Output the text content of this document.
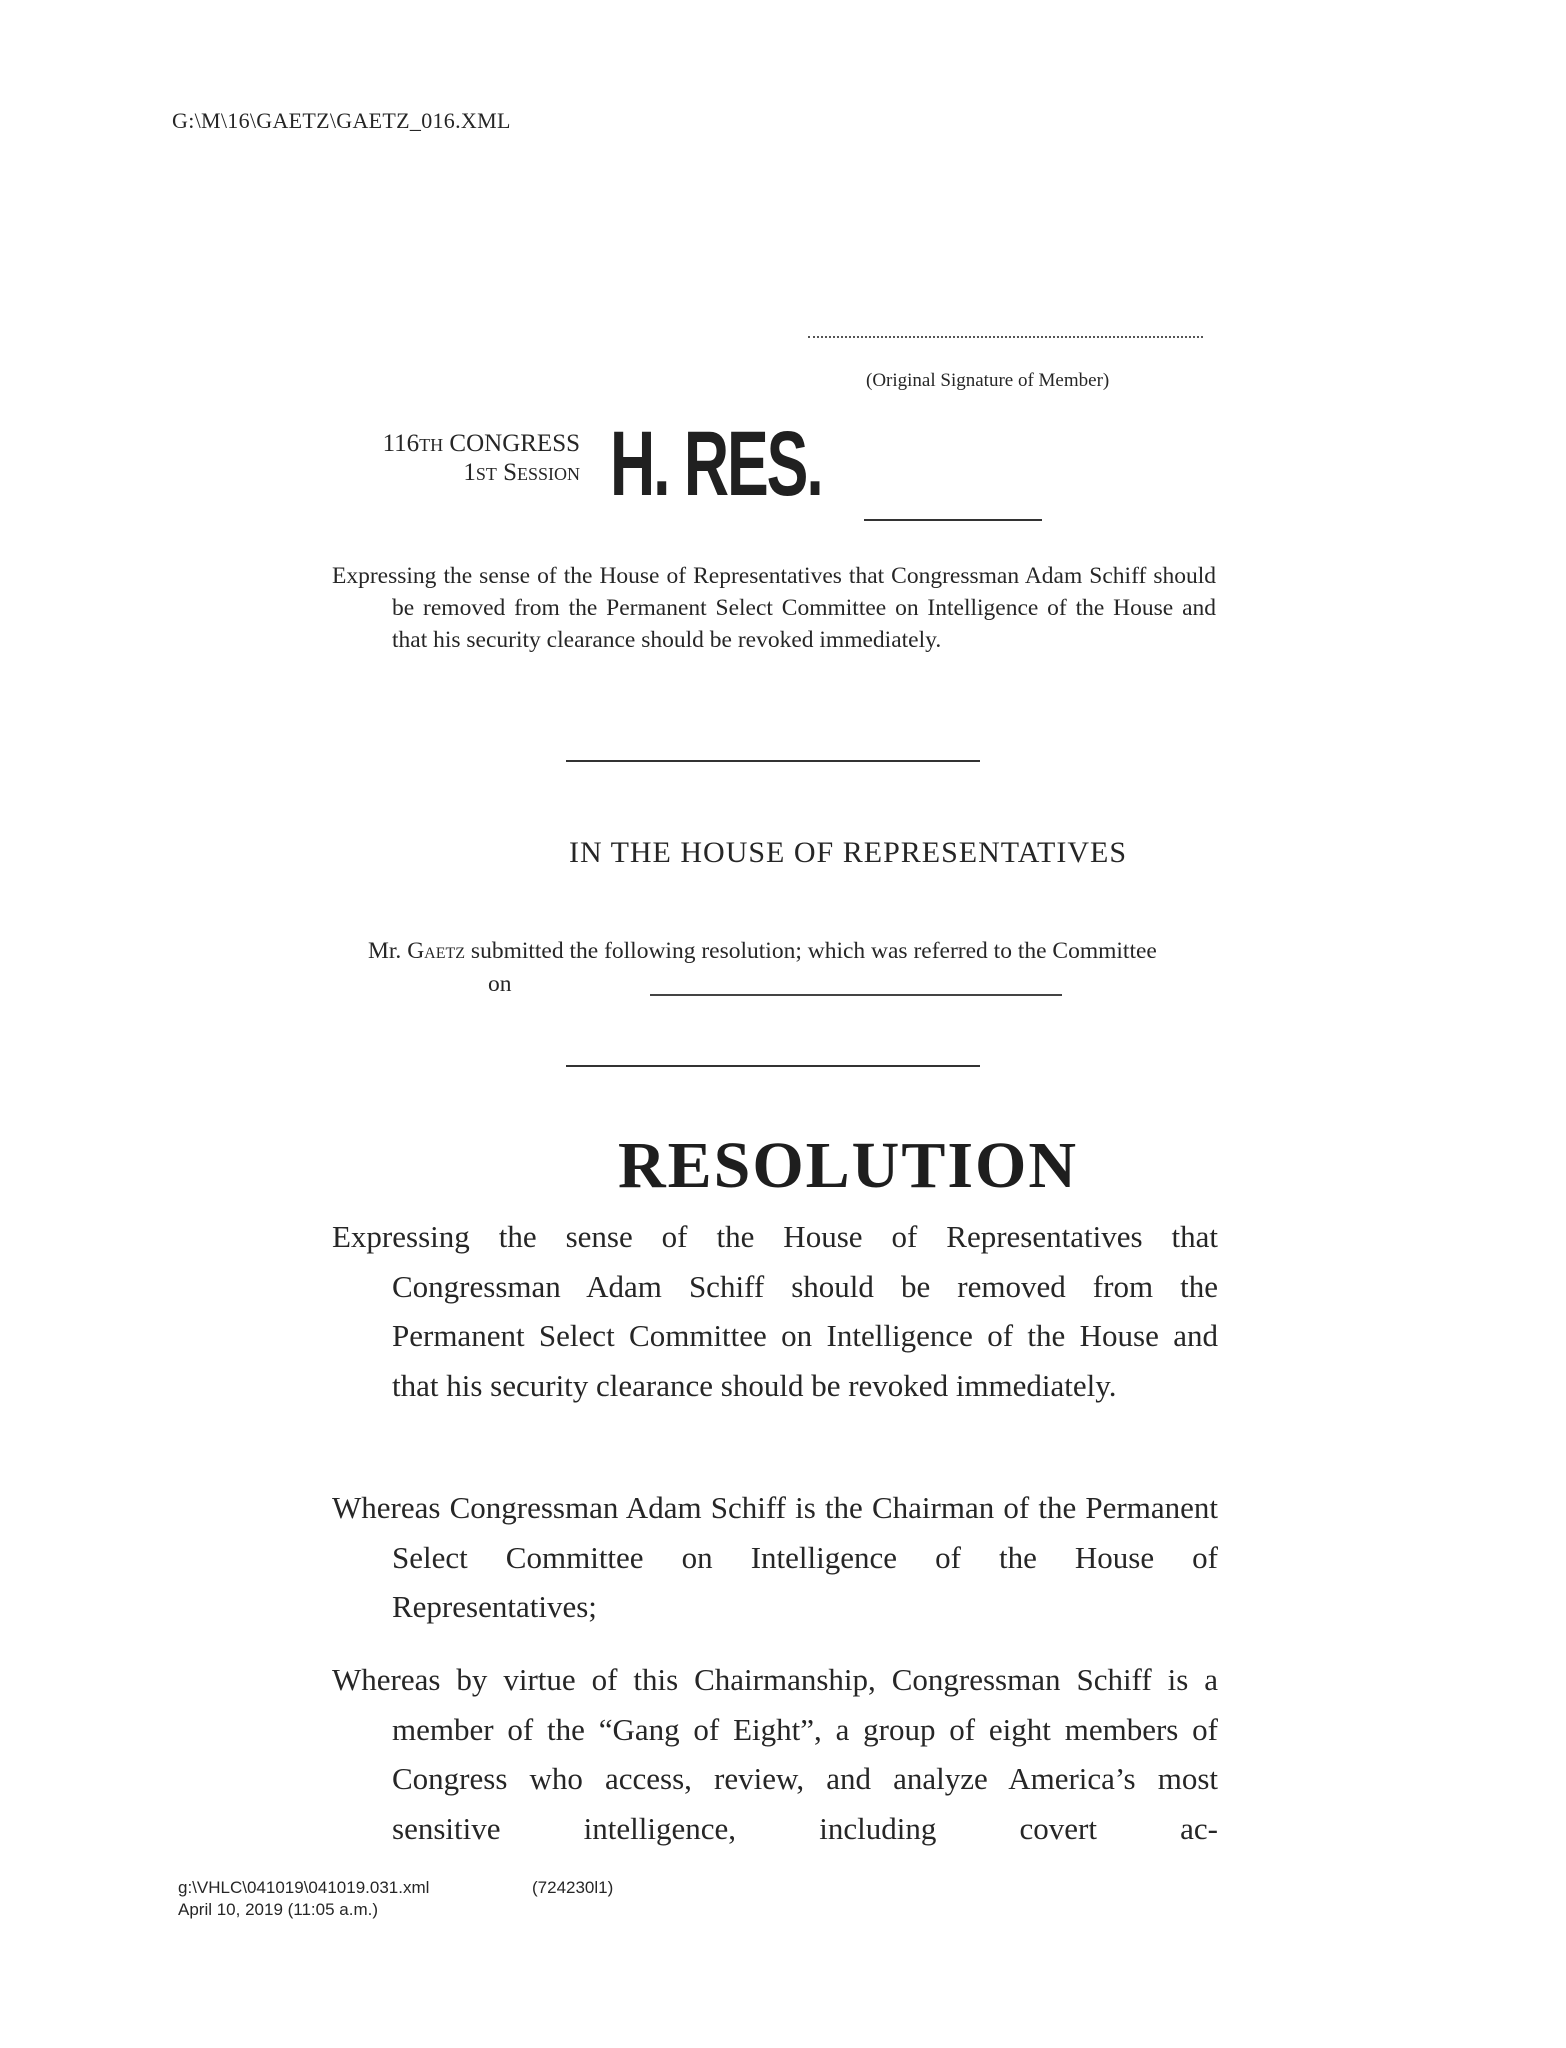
G:\M\16\GAETZ\GAETZ_016.XML
(Original Signature of Member)
116TH CONGRESS
1ST Session H. RES.
Expressing the sense of the House of Representatives that Congressman Adam Schiff should be removed from the Permanent Select Committee on Intelligence of the House and that his security clearance should be revoked immediately.
IN THE HOUSE OF REPRESENTATIVES
Mr. Gaetz submitted the following resolution; which was referred to the Committee on
RESOLUTION
Expressing the sense of the House of Representatives that Congressman Adam Schiff should be removed from the Permanent Select Committee on Intelligence of the House and that his security clearance should be revoked immediately.
Whereas Congressman Adam Schiff is the Chairman of the Permanent Select Committee on Intelligence of the House of Representatives;
Whereas by virtue of this Chairmanship, Congressman Schiff is a member of the “Gang of Eight”, a group of eight members of Congress who access, review, and analyze America’s most sensitive intelligence, including covert ac-
g:\VHLC\041019\041019.031.xml	(724230l1)
April 10, 2019 (11:05 a.m.)
